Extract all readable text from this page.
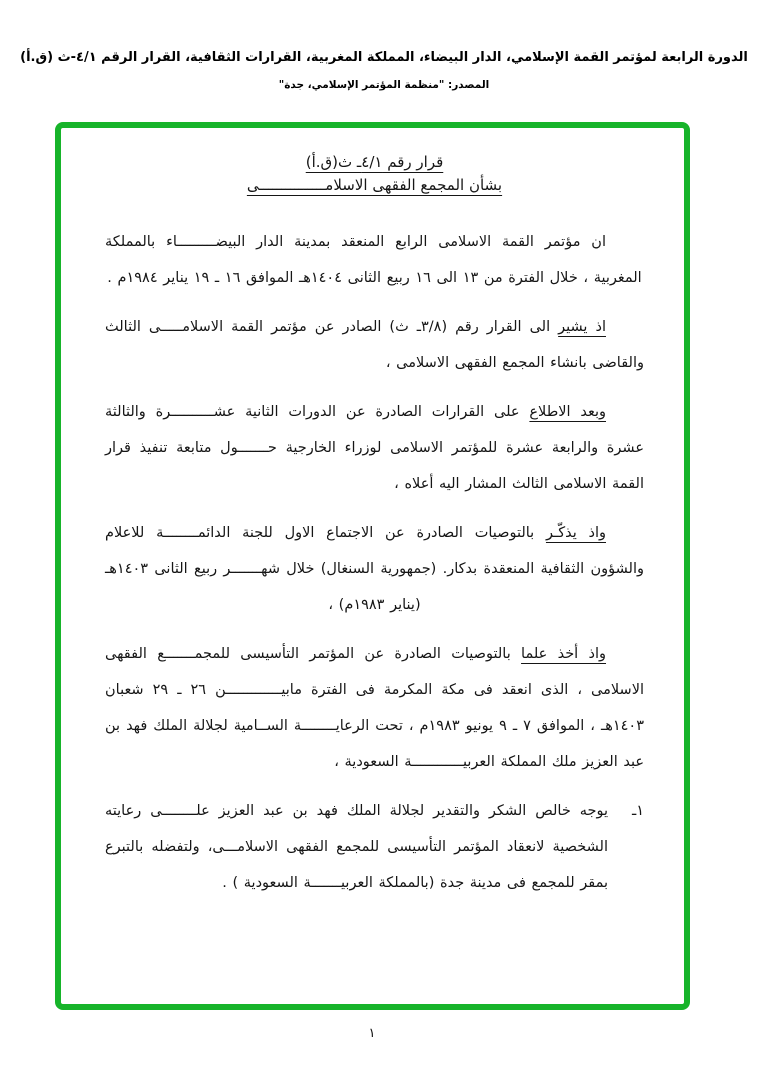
الدورة الرابعة لمؤتمر القمة الإسلامي، الدار البيضاء، المملكة المغربية، القرارات الثقافية، القرار الرقم ٤/١-ث (ق.أ)
المصدر: "منظمة المؤتمر الإسلامي، جدة"
قرار رقم ٤/١ـ ث(ق.أ)
بشأن المجمع الفقهى الاسلامـــــــــــــــى

ان مؤتمر القمة الاسلامى الرابع المنعقد بمدينة الدار البيضـــــــــاء بالمملكة المغربية ، خلال الفترة من ١٣ الى ١٦ ربيع الثانى ١٤٠٤هـ الموافق ١٦ ـ ١٩ يناير ١٩٨٤م .

اذ يشير الى القرار رقم (٣/٨ـ ث) الصادر عن مؤتمر القمة الاسلامـــــى الثالث والقاضى بانشاء المجمع الفقهى الاسلامى ،

وبعد الاطلاع على القرارات الصادرة عن الدورات الثانية عشــــــــــرة والثالثة عشرة والرابعة عشرة للمؤتمر الاسلامى لوزراء الخارجية حـــــــول متابعة تنفيذ قرار القمة الاسلامى الثالث المشار اليه أعلاه ،

واذ يذكّـر بالتوصيات الصادرة عن الاجتماع الاول للجنة الدائمــــــــة للاعلام والشؤون الثقافية المنعقدة بدكار. (جمهورية السنغال) خلال شهـــــــر ربيع الثانى ١٤٠٣هـ (يناير ١٩٨٣م) ،

واذ أخذ علما بالتوصيات الصادرة عن المؤتمر التأسيسى للمجمـــــــع الفقهى الاسلامى ، الذى انعقد فى مكة المكرمة فى الفترة مابيـــــــــــــن ٢٦ ـ ٢٩ شعبان ١٤٠٣هـ ، الموافق ٧ ـ ٩ يونيو ١٩٨٣م ، تحت الرعايــــــــة الســامية لجلالة الملك فهد بن عبد العزيز ملك المملكة العربيــــــــــــة السعودية ،

١ـ
يوجه خالص الشكر والتقدير لجلالة الملك فهد بن عبد العزيز علــــــــى رعايته الشخصية لانعقاد المؤتمر التأسيسى للمجمع الفقهى الاسلامـــى، ولتفضله بالتبرع بمقر للمجمع فى مدينة جدة (بالمملكة العربيـــــــة السعودية ) .
١
